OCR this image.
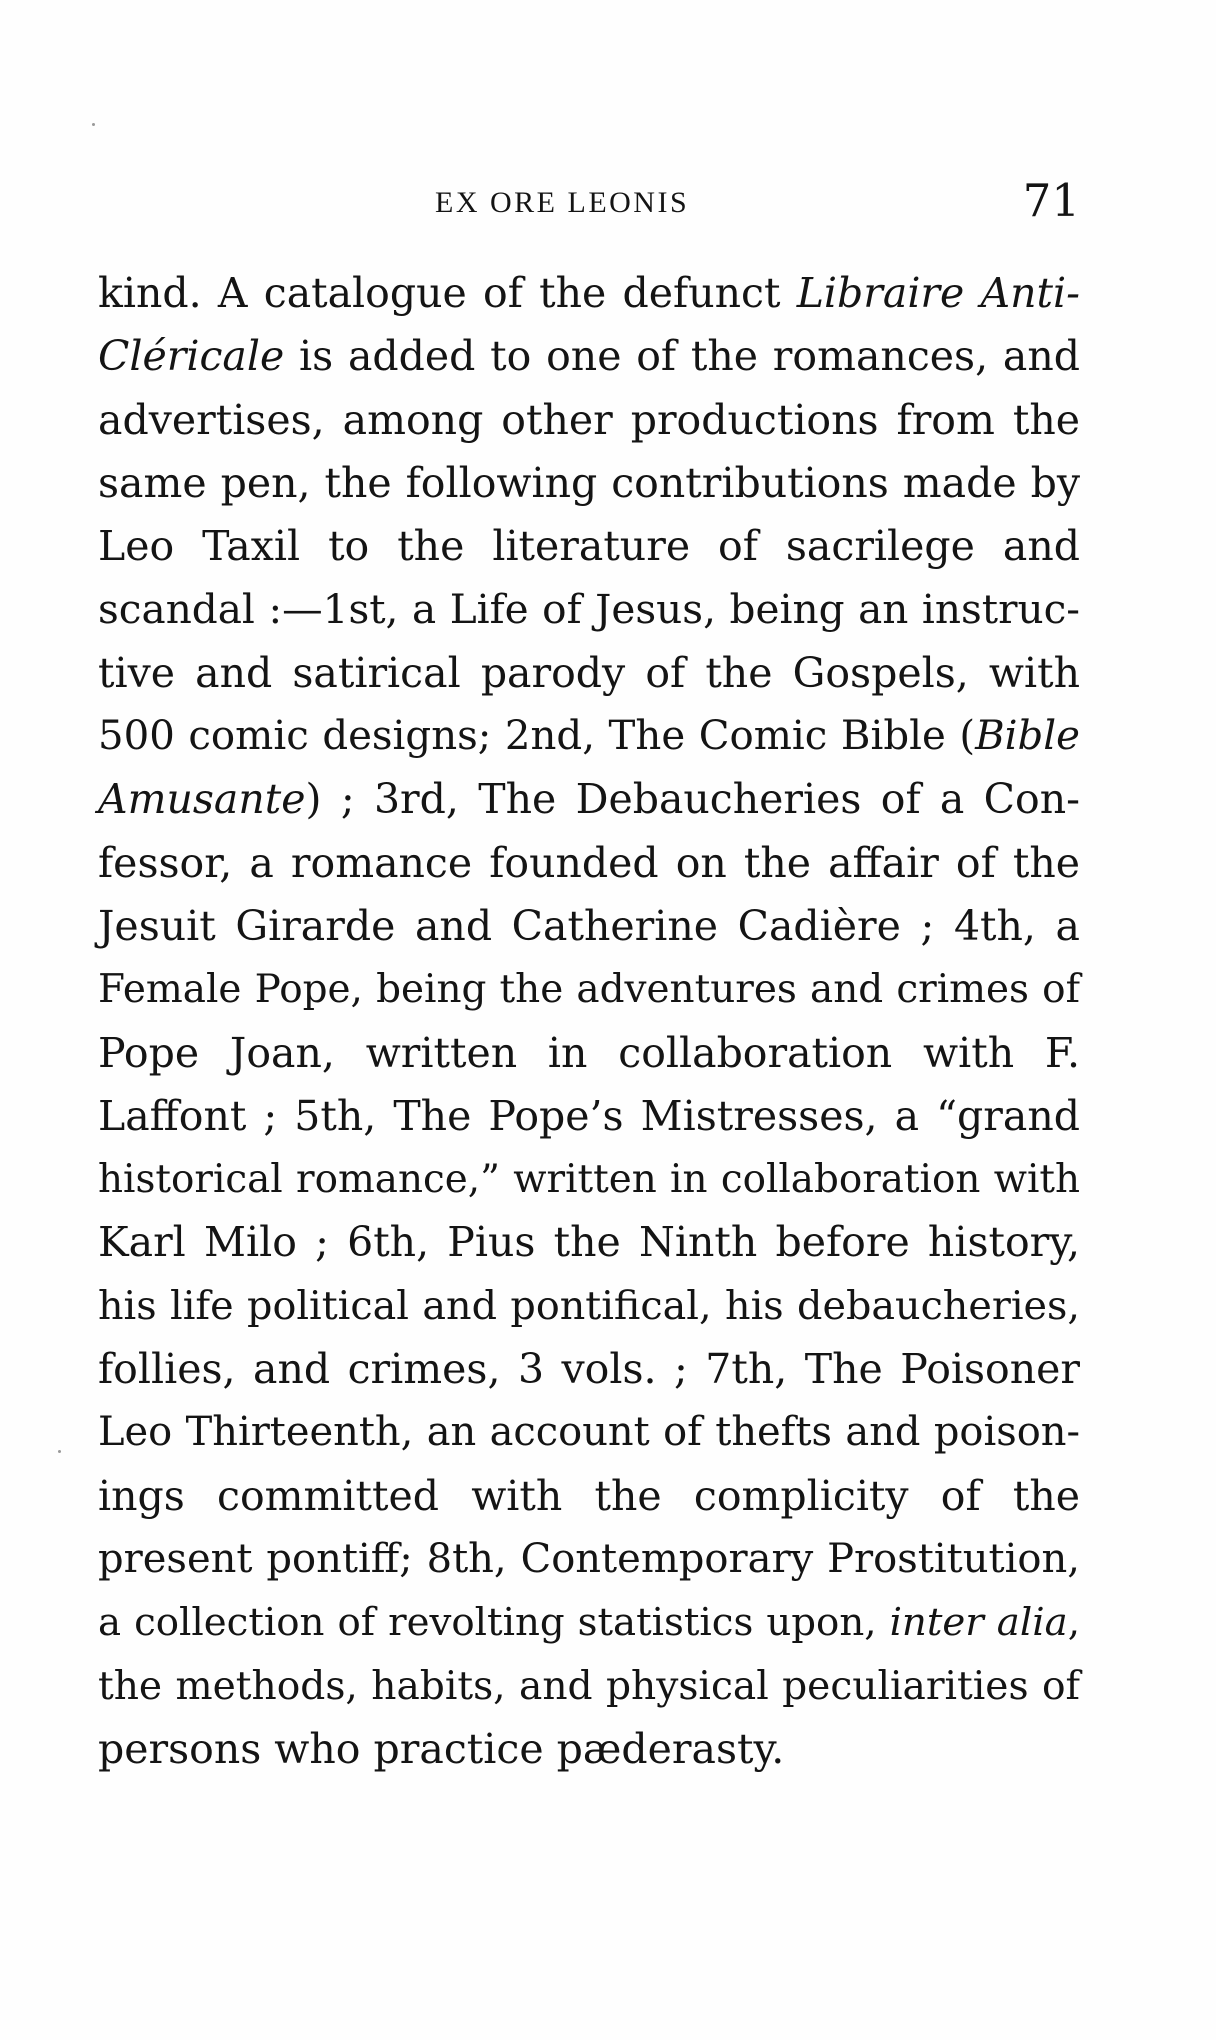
EX ORE LEONIS	71
kind. A catalogue of the defunct Libraire Anti-
Cléricale is added to one of the romances, and
advertises, among other productions from the
same pen, the following contributions made by
Leo Taxil to the literature of sacrilege and
scandal :—1st, a Life of Jesus, being an instruc-
tive and satirical parody of the Gospels, with
500 comic designs; 2nd, The Comic Bible (Bible
Amusante) ; 3rd, The Debaucheries of a Con-
fessor, a romance founded on the affair of the
Jesuit Girarde and Catherine Cadière ; 4th, a
Female Pope, being the adventures and crimes of
Pope Joan, written in collaboration with F.
Laffont ; 5th, The Pope’s Mistresses, a “grand
historical romance,” written in collaboration with
Karl Milo ; 6th, Pius the Ninth before history,
his life political and pontifical, his debaucheries,
follies, and crimes, 3 vols. ; 7th, The Poisoner
Leo Thirteenth, an account of thefts and poison-
ings committed with the complicity of the
present pontiff; 8th, Contemporary Prostitution,
a collection of revolting statistics upon, inter alia,
the methods, habits, and physical peculiarities of
persons who practice pæderasty.
